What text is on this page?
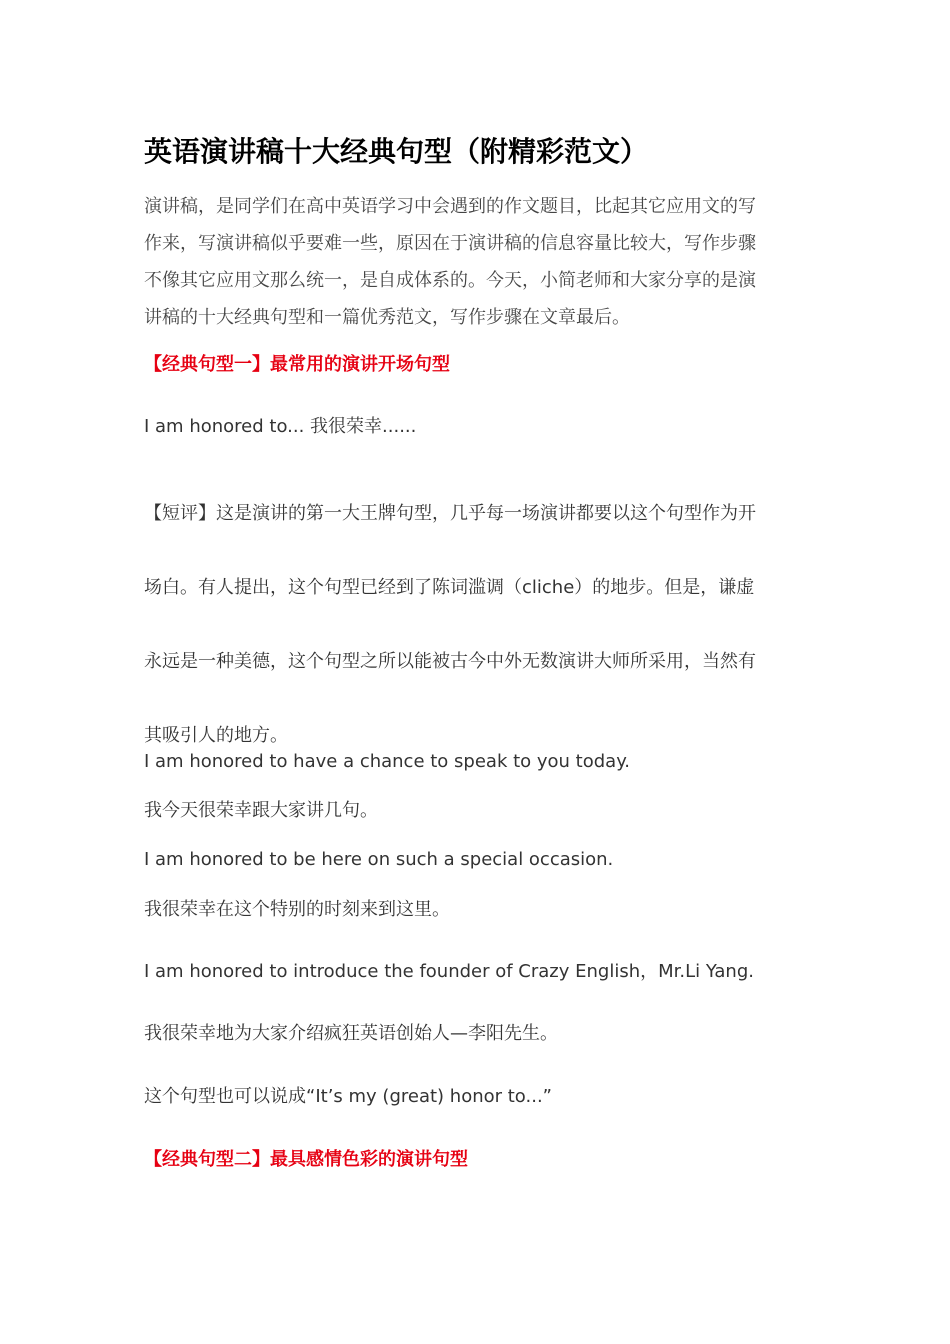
英语演讲稿十大经典句型（附精彩范文）
演讲稿，是同学们在高中英语学习中会遇到的作文题目，比起其它应用文的写
作来，写演讲稿似乎要难一些，原因在于演讲稿的信息容量比较大，写作步骤
不像其它应用文那么统一，是自成体系的。今天，小简老师和大家分享的是演
讲稿的十大经典句型和一篇优秀范文，写作步骤在文章最后。
【经典句型一】最常用的演讲开场句型
I am honored to... 我很荣幸......
【短评】这是演讲的第一大王牌句型，几乎每一场演讲都要以这个句型作为开
场白。有人提出，这个句型已经到了陈词滥调（cliche）的地步。但是，谦虚
永远是一种美德，这个句型之所以能被古今中外无数演讲大师所采用，当然有
其吸引人的地方。
I am honored to have a chance to speak to you today.
我今天很荣幸跟大家讲几句。
I am honored to be here on such a special occasion.
我很荣幸在这个特别的时刻来到这里。
I am honored to introduce the founder of Crazy English，Mr.Li Yang.
我很荣幸地为大家介绍疯狂英语创始人—李阳先生。
这个句型也可以说成“It’s my (great) honor to...”
【经典句型二】最具感情色彩的演讲句型
